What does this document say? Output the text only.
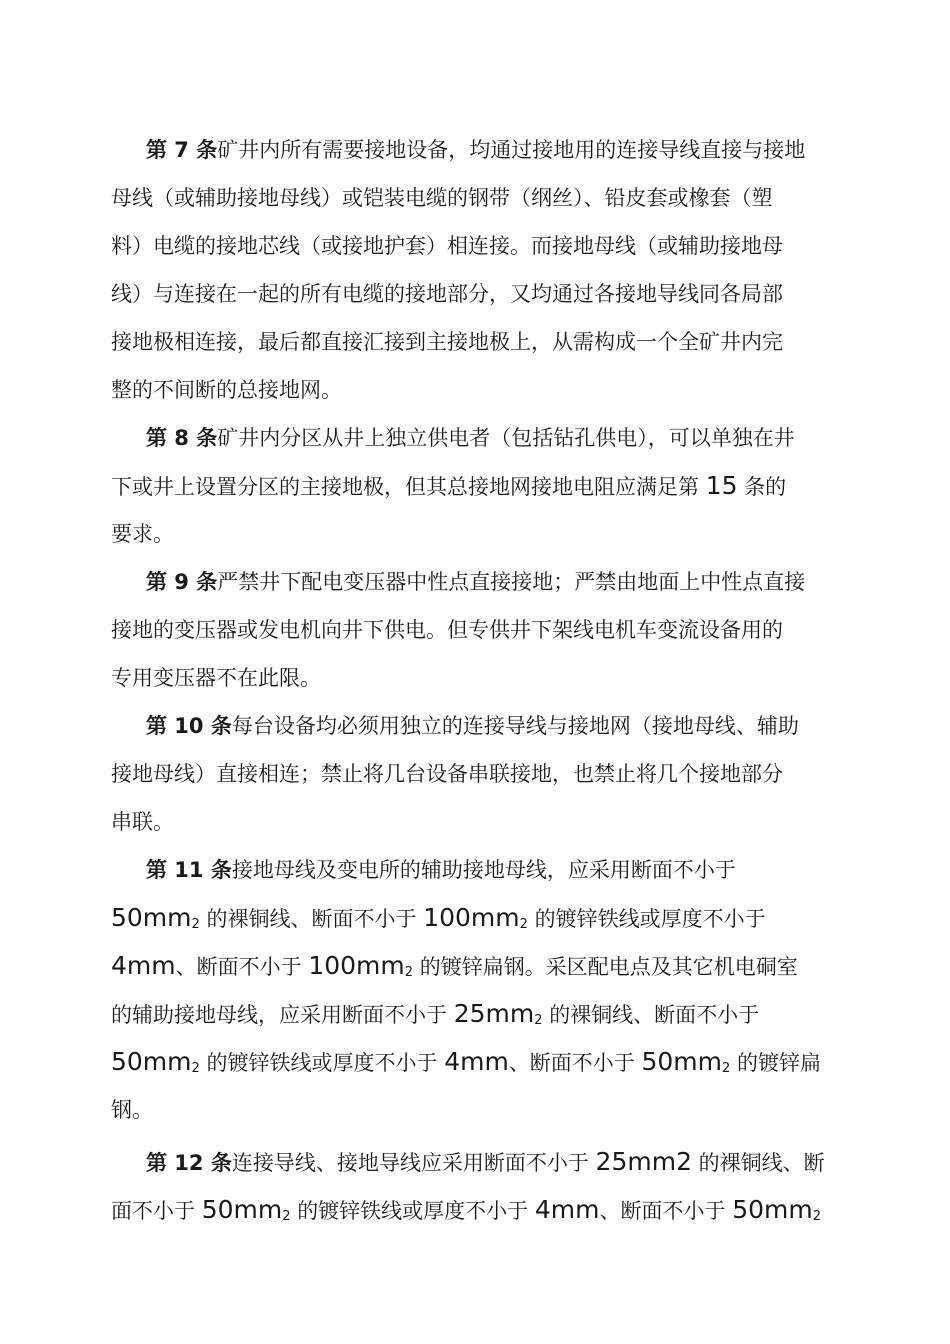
第 7 条矿井内所有需要接地设备，均通过接地用的连接导线直接与接地
母线（或辅助接地母线）或铠装电缆的钢带（纲丝）、铅皮套或橡套（塑
料）电缆的接地芯线（或接地护套）相连接。而接地母线（或辅助接地母
线）与连接在一起的所有电缆的接地部分，又均通过各接地导线同各局部
接地极相连接，最后都直接汇接到主接地极上，从需构成一个全矿井内完
整的不间断的总接地网。
第 8 条矿井内分区从井上独立供电者（包括钻孔供电），可以单独在井
下或井上设置分区的主接地极，但其总接地网接地电阻应满足第 15 条的
要求。
第 9 条严禁井下配电变压器中性点直接接地；严禁由地面上中性点直接
接地的变压器或发电机向井下供电。但专供井下架线电机车变流设备用的
专用变压器不在此限。
第 10 条每台设备均必须用独立的连接导线与接地网（接地母线、辅助
接地母线）直接相连；禁止将几台设备串联接地，也禁止将几个接地部分
串联。
第 11 条接地母线及变电所的辅助接地母线，应采用断面不小于
$50mm_2$ 的裸铜线、断面不小于 $100mm_2$ 的镀锌铁线或厚度不小于
4mm、断面不小于 $100mm_2$ 的镀锌扁钢。采区配电点及其它机电硐室
的辅助接地母线，应采用断面不小于 $25mm_2$ 的裸铜线、断面不小于
$50mm_2$ 的镀锌铁线或厚度不小于 4mm、断面不小于 $50mm_2$ 的镀锌扁
钢。
第 12 条连接导线、接地导线应采用断面不小于 25mm2 的裸铜线、断
面不小于 $50mm_2$ 的镀锌铁线或厚度不小于 4mm、断面不小于 $50mm_2$
